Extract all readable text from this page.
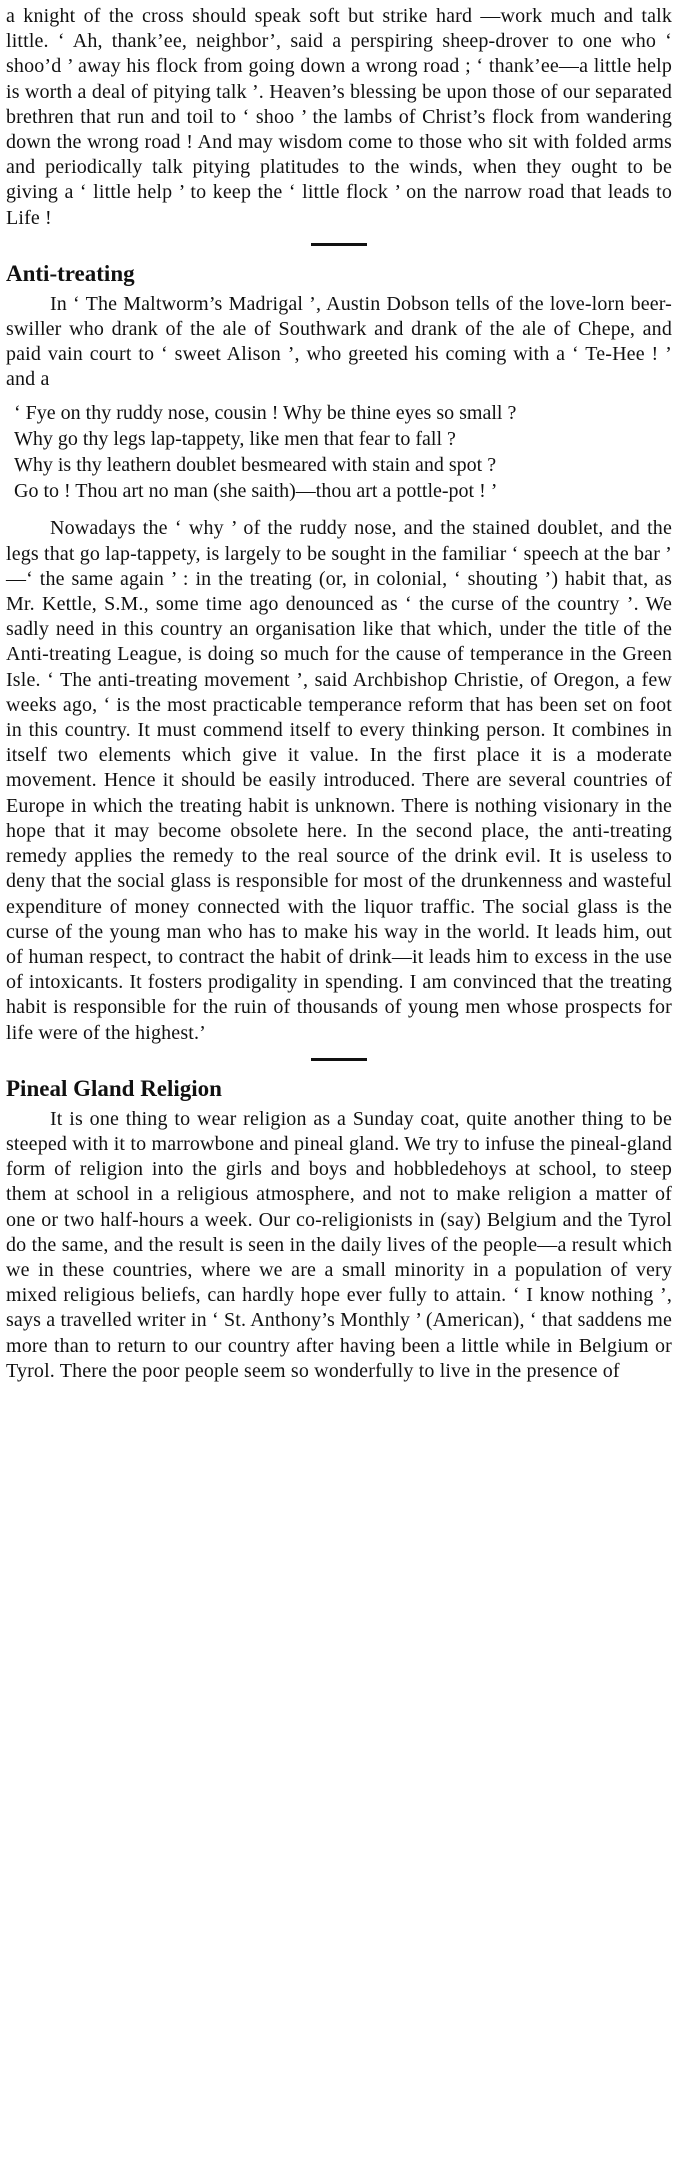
a knight of the cross should speak soft but strike hard —work much and talk little. ‘ Ah, thank’ee, neighbor’, said a perspiring sheep-drover to one who ‘ shoo’d ’ away his flock from going down a wrong road ; ‘ thank’ee—a little help is worth a deal of pitying talk ’. Heaven’s blessing be upon those of our separated brethren that run and toil to ‘ shoo ’ the lambs of Christ’s flock from wandering down the wrong road ! And may wisdom come to those who sit with folded arms and periodically talk pitying platitudes to the winds, when they ought to be giving a ‘ little help ’ to keep the ‘ little flock ’ on the narrow road that leads to Life !

Anti-treating

In ‘ The Maltworm’s Madrigal ’, Austin Dobson tells of the love-lorn beer-swiller who drank of the ale of Southwark and drank of the ale of Chepe, and paid vain court to ‘ sweet Alison ’, who greeted his coming with a ‘ Te-Hee ! ’ and a

‘ Fye on thy ruddy nose, cousin ! Why be thine eyes so small ?
Why go thy legs lap-tappety, like men that fear to fall ?
Why is thy leathern doublet besmeared with stain and spot ?
Go to ! Thou art no man (she saith)—thou art a pottle-pot ! ’

Nowadays the ‘ why ’ of the ruddy nose, and the stained doublet, and the legs that go lap-tappety, is largely to be sought in the familiar ‘ speech at the bar ’ —‘ the same again ’ : in the treating (or, in colonial, ‘ shouting ’) habit that, as Mr. Kettle, S.M., some time ago denounced as ‘ the curse of the country ’. We sadly need in this country an organisation like that which, under the title of the Anti-treating League, is doing so much for the cause of temperance in the Green Isle. ‘ The anti-treating movement ’, said Archbishop Christie, of Oregon, a few weeks ago, ‘ is the most practicable temperance reform that has been set on foot in this country. It must commend itself to every thinking person. It combines in itself two elements which give it value. In the first place it is a moderate movement. Hence it should be easily introduced. There are several countries of Europe in which the treating habit is unknown. There is nothing visionary in the hope that it may become obsolete here. In the second place, the anti-treating remedy applies the remedy to the real source of the drink evil. It is useless to deny that the social glass is responsible for most of the drunkenness and wasteful expenditure of money connected with the liquor traffic. The social glass is the curse of the young man who has to make his way in the world. It leads him, out of human respect, to contract the habit of drink—it leads him to excess in the use of intoxicants. It fosters prodigality in spending. I am convinced that the treating habit is responsible for the ruin of thousands of young men whose prospects for life were of the highest.’

Pineal Gland Religion

It is one thing to wear religion as a Sunday coat, quite another thing to be steeped with it to marrowbone and pineal gland. We try to infuse the pineal-gland form of religion into the girls and boys and hobbledehoys at school, to steep them at school in a religious atmosphere, and not to make religion a matter of one or two half-hours a week. Our co-religionists in (say) Belgium and the Tyrol do the same, and the result is seen in the daily lives of the people—a result which we in these countries, where we are a small minority in a population of very mixed religious beliefs, can hardly hope ever fully to attain. ‘ I know nothing ’, says a travelled writer in ‘ St. Anthony’s Monthly ’ (American), ‘ that saddens me more than to return to our country after having been a little while in Belgium or Tyrol. There the poor people seem so wonderfully to live in the presence of
